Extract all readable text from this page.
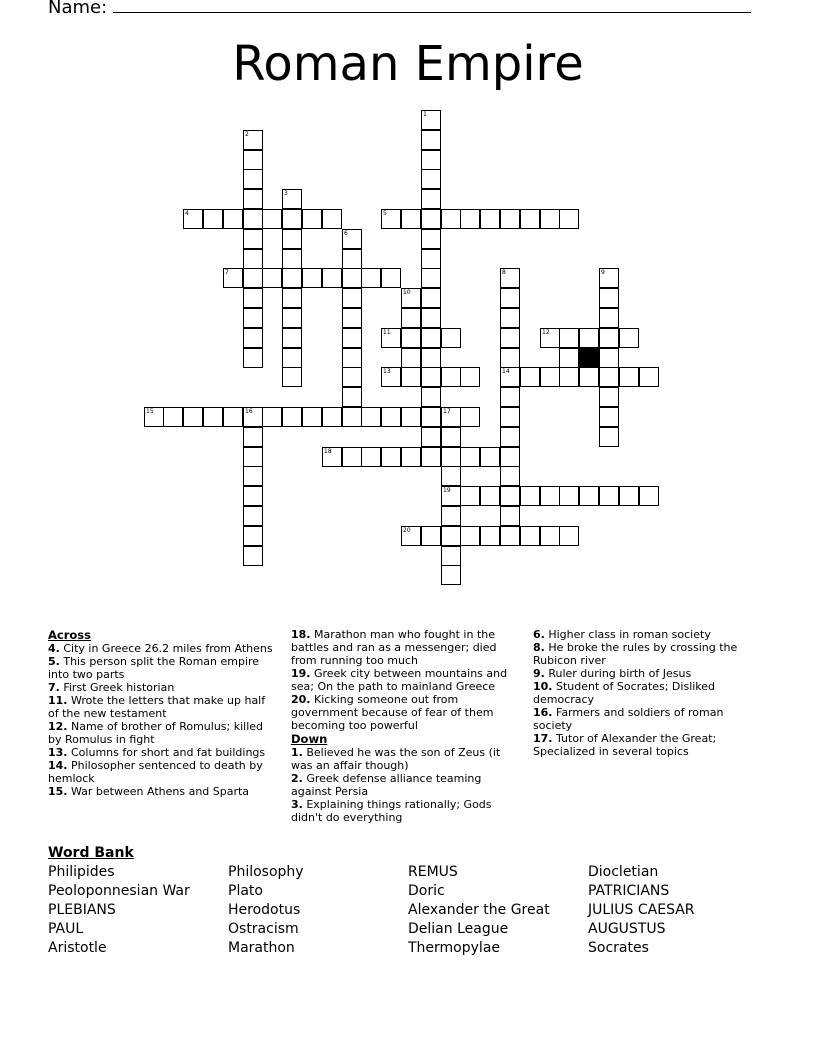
Name:
Roman Empire
1
2
3
4	5
6
7	8
14
9
10
11	12
13
15	16	17
19
18
20
Across
4. City in Greece 26.2 miles from Athens
5. This person split the Roman empire into two parts
7. First Greek historian
11. Wrote the letters that make up half of the new testament
12. Name of brother of Romulus; killed by Romulus in fight
13. Columns for short and fat buildings
14. Philosopher sentenced to death by hemlock
15. War between Athens and Sparta
18. Marathon man who fought in the battles and ran as a messenger; died from running too much
19. Greek city between mountains and sea; On the path to mainland Greece
20. Kicking someone out from government because of fear of them becoming too powerful
Down
1. Believed he was the son of Zeus (it was an affair though)
2. Greek defense alliance teaming against Persia
3. Explaining things rationally; Gods didn't do everything
6. Higher class in roman society
8. He broke the rules by crossing the Rubicon river
9. Ruler during birth of Jesus
10. Student of Socrates; Disliked democracy
16. Farmers and soldiers of roman society
17. Tutor of Alexander the Great; Specialized in several topics
Word Bank
Philipides
Peoloponnesian War
PLEBIANS
PAUL
Aristotle
Philosophy
Plato
Herodotus
Ostracism
Marathon
REMUS
Doric
Alexander the Great
Delian League
Thermopylae
Diocletian
PATRICIANS
JULIUS CAESAR
AUGUSTUS
Socrates
